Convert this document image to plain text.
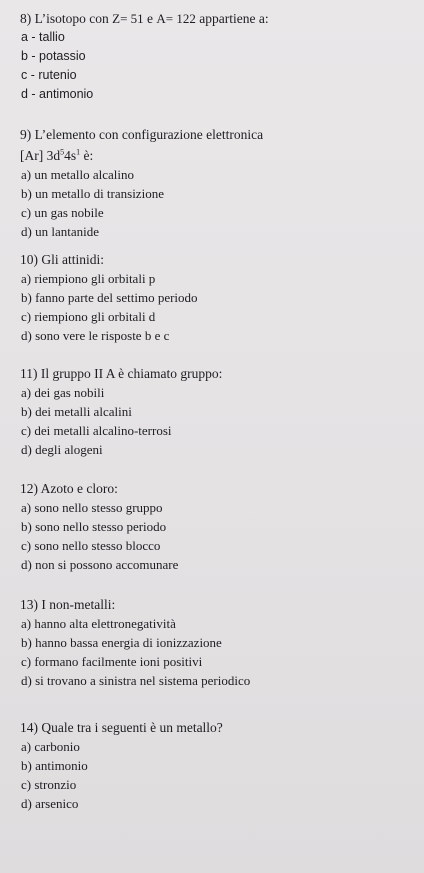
8) L’isotopo con Z= 51 e A= 122 appartiene a:
a - tallio
b - potassio
c - rutenio
d - antimonio
9) L’elemento con configurazione elettronica
[Ar] $3d^54s^1$ è:
a) un metallo alcalino
b) un metallo di transizione
c) un gas nobile
d) un lantanide
10) Gli attinidi:
a) riempiono gli orbitali p
b) fanno parte del settimo periodo
c) riempiono gli orbitali d
d) sono vere le risposte b e c
11) Il gruppo II A è chiamato gruppo:
a) dei gas nobili
b) dei metalli alcalini
c) dei metalli alcalino-terrosi
d) degli alogeni
12) Azoto e cloro:
a) sono nello stesso gruppo
b) sono nello stesso periodo
c) sono nello stesso blocco
d) non si possono accomunare
13) I non-metalli:
a) hanno alta elettronegatività
b) hanno bassa energia di ionizzazione
c) formano facilmente ioni positivi
d) si trovano a sinistra nel sistema periodico
14) Quale tra i seguenti è un metallo?
a) carbonio
b) antimonio
c) stronzio
d) arsenico
